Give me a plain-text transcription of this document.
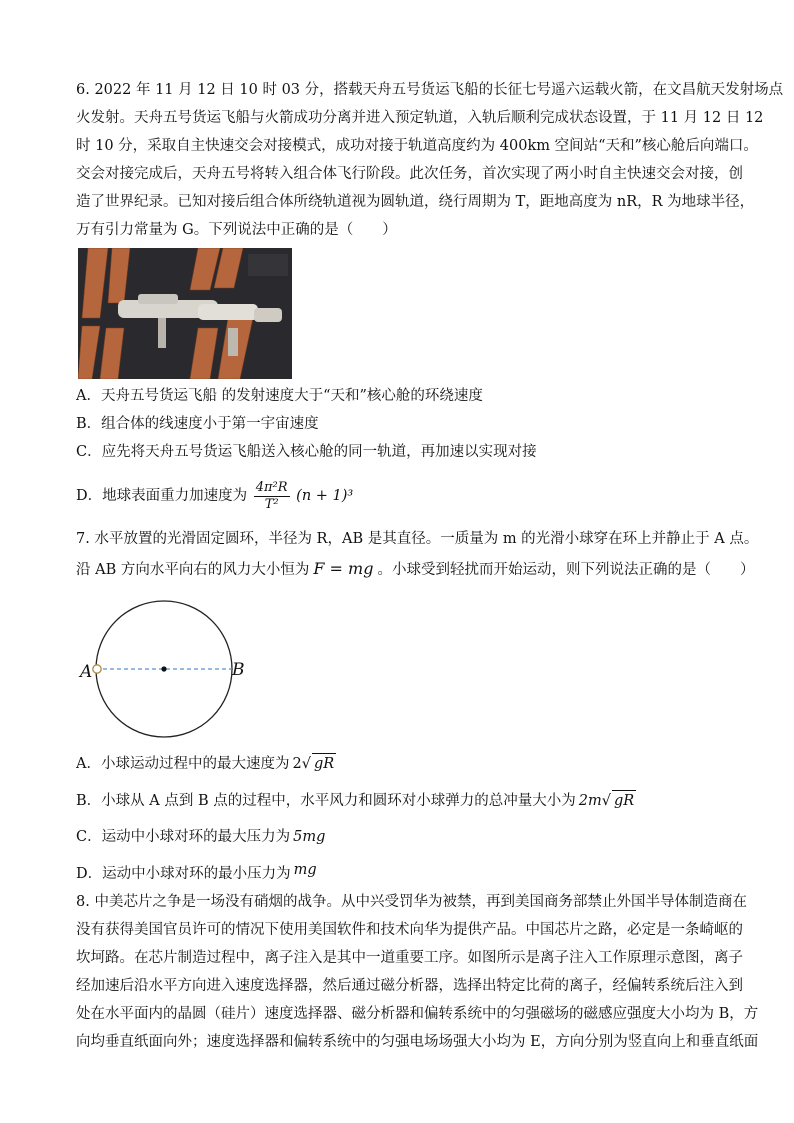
6. 2022 年 11 月 12 日 10 时 03 分，搭载天舟五号货运飞船的长征七号遥六运载火箭，在文昌航天发射场点
火发射。天舟五号货运飞船与火箭成功分离并进入预定轨道，入轨后顺利完成状态设置，于 11 月 12 日 12
时 10 分，采取自主快速交会对接模式，成功对接于轨道高度约为 400km 空间站“天和”核心舱后向端口。
交会对接完成后，天舟五号将转入组合体飞行阶段。此次任务，首次实现了两小时自主快速交会对接，创
造了世界纪录。已知对接后组合体所绕轨道视为圆轨道，绕行周期为 T，距地高度为 nR，R 为地球半径，
万有引力常量为 G。下列说法中正确的是（　　）
A．天舟五号货运飞船 的发射速度大于“天和”核心舱的环绕速度
B．组合体的线速度小于第一宇宙速度
C．应先将天舟五号货运飞船送入核心舱的同一轨道，再加速以实现对接
D．地球表面重力加速度为 $\frac{\text{4π²R}}{\text{T²}} (n + 1)^3$
7. 水平放置的光滑固定圆环，半径为 R，AB 是其直径。一质量为 m 的光滑小球穿在环上并静止于 A 点。
沿 AB 方向水平向右的风力大小恒为 F = mg 。小球受到轻扰而开始运动，则下列说法正确的是（　　）
A	B
A．小球运动过程中的最大速度为 2√ gR
B．小球从 A 点到 B 点的过程中，水平风力和圆环对小球弹力的总冲量大小为 2m√ gR
C．运动中小球对环的最大压力为 5mg
D．运动中小球对环的最小压力为 mg
8. 中美芯片之争是一场没有硝烟的战争。从中兴受罚华为被禁，再到美国商务部禁止外国半导体制造商在
没有获得美国官员许可的情况下使用美国软件和技术向华为提供产品。中国芯片之路，必定是一条崎岖的
坎坷路。在芯片制造过程中，离子注入是其中一道重要工序。如图所示是离子注入工作原理示意图，离子
经加速后沿水平方向进入速度选择器，然后通过磁分析器，选择出特定比荷的离子，经偏转系统后注入到
处在水平面内的晶圆（硅片）速度选择器、磁分析器和偏转系统中的匀强磁场的磁感应强度大小均为 B，方
向均垂直纸面向外；速度选择器和偏转系统中的匀强电场场强大小均为 E，方向分别为竖直向上和垂直纸面
